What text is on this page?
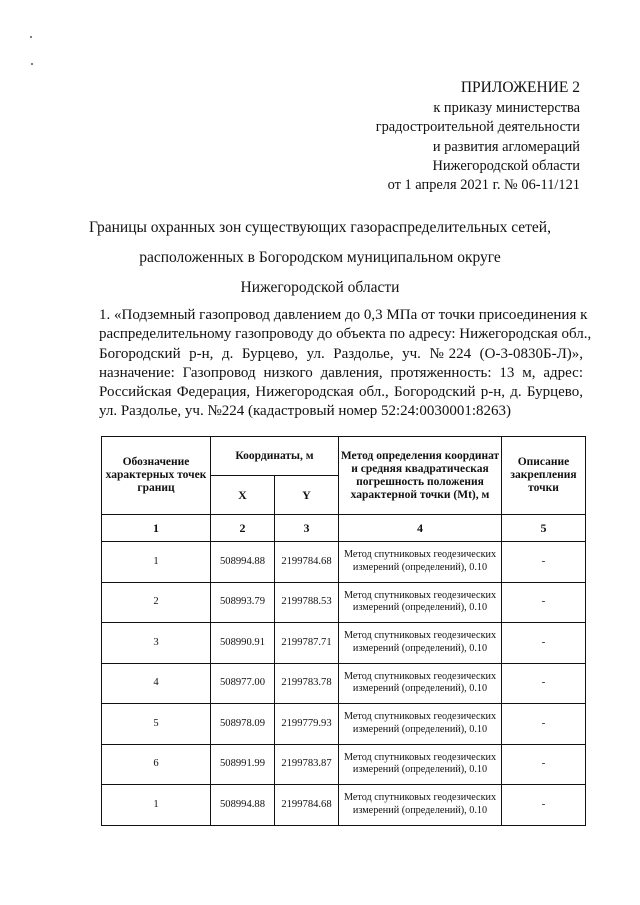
ПРИЛОЖЕНИЕ 2
к приказу министерства
градостроительной деятельности
и развития агломераций
Нижегородской области
от 1 апреля 2021 г. № 06-11/121
Границы охранных зон существующих газораспределительных сетей,
расположенных в Богородском муниципальном округе
Нижегородской области
1. «Подземный газопровод давлением до 0,3 МПа от точки присоединения к
распределительному газопроводу до объекта по адресу: Нижегородская обл.,
Богородский р-н, д. Бурцево, ул. Раздолье, уч. №224 (О-3-0830Б-Л)»,
назначение: Газопровод низкого давления, протяженность: 13 м, адрес:
Российская Федерация, Нижегородская обл., Богородский р-н, д. Бурцево,
ул. Раздолье, уч. №224 (кадастровый номер 52:24:0030001:8263)
Обозначение характерных точек границ	Координаты, м		Метод определения координат и средняя квадратическая погрешность положения характерной точки (Мt), м	Описание закрепления точки
	X	Y		
1	2	3	4	5
1	508994.88	2199784.68	Метод спутниковых геодезических измерений (определений), 0.10	-
2	508993.79	2199788.53	Метод спутниковых геодезических измерений (определений), 0.10	-
3	508990.91	2199787.71	Метод спутниковых геодезических измерений (определений), 0.10	-
4	508977.00	2199783.78	Метод спутниковых геодезических измерений (определений), 0.10	-
5	508978.09	2199779.93	Метод спутниковых геодезических измерений (определений), 0.10	-
6	508991.99	2199783.87	Метод спутниковых геодезических измерений (определений), 0.10	-
1	508994.88	2199784.68	Метод спутниковых геодезических измерений (определений), 0.10	-
